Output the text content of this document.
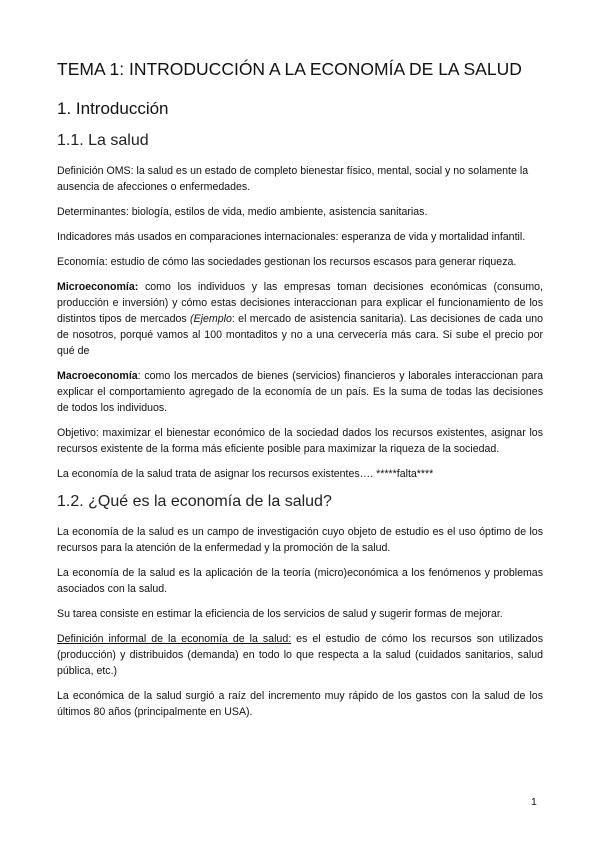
TEMA 1: INTRODUCCIÓN A LA ECONOMÍA DE LA SALUD
1. Introducción
1.1. La salud

Definición OMS: la salud es un estado de completo bienestar físico, mental, social y no solamente la ausencia de afecciones o enfermedades.

Determinantes: biología, estilos de vida, medio ambiente, asistencia sanitarias.

Indicadores más usados en comparaciones internacionales: esperanza de vida y mortalidad infantil.

Economía: estudio de cómo las sociedades gestionan los recursos escasos para generar riqueza.

Microeconomía: como los individuos y las empresas toman decisiones económicas (consumo, producción e inversión) y cómo estas decisiones interaccionan para explicar el funcionamiento de los distintos tipos de mercados (Ejemplo: el mercado de asistencia sanitaria). Las decisiones de cada uno de nosotros, porqué vamos al 100 montaditos y no a una cervecería más cara. Si sube el precio por qué de

Macroeconomía: como los mercados de bienes (servicios) financieros y laborales interaccionan para explicar el comportamiento agregado de la economía de un país. Es la suma de todas las decisiones de todos los individuos.

Objetivo: maximizar el bienestar económico de la sociedad dados los recursos existentes, asignar los recursos existente de la forma más eficiente posible para maximizar la riqueza de la sociedad.

La economía de la salud trata de asignar los recursos existentes…. *****falta****

1.2. ¿Qué es la economía de la salud?

La economía de la salud es un campo de investigación cuyo objeto de estudio es el uso óptimo de los recursos para la atención de la enfermedad y la promoción de la salud.

La economía de la salud es la aplicación de la teoría (micro)económica a los fenómenos y problemas asociados con la salud.

Su tarea consiste en estimar la eficiencia de los servicios de salud y sugerir formas de mejorar.

Definición informal de la economía de la salud: es el estudio de cómo los recursos son utilizados (producción) y distribuidos (demanda) en todo lo que respecta a la salud (cuidados sanitarios, salud pública, etc.)

La económica de la salud surgió a raíz del incremento muy rápido de los gastos con la salud de los últimos 80 años (principalmente en USA).

1
